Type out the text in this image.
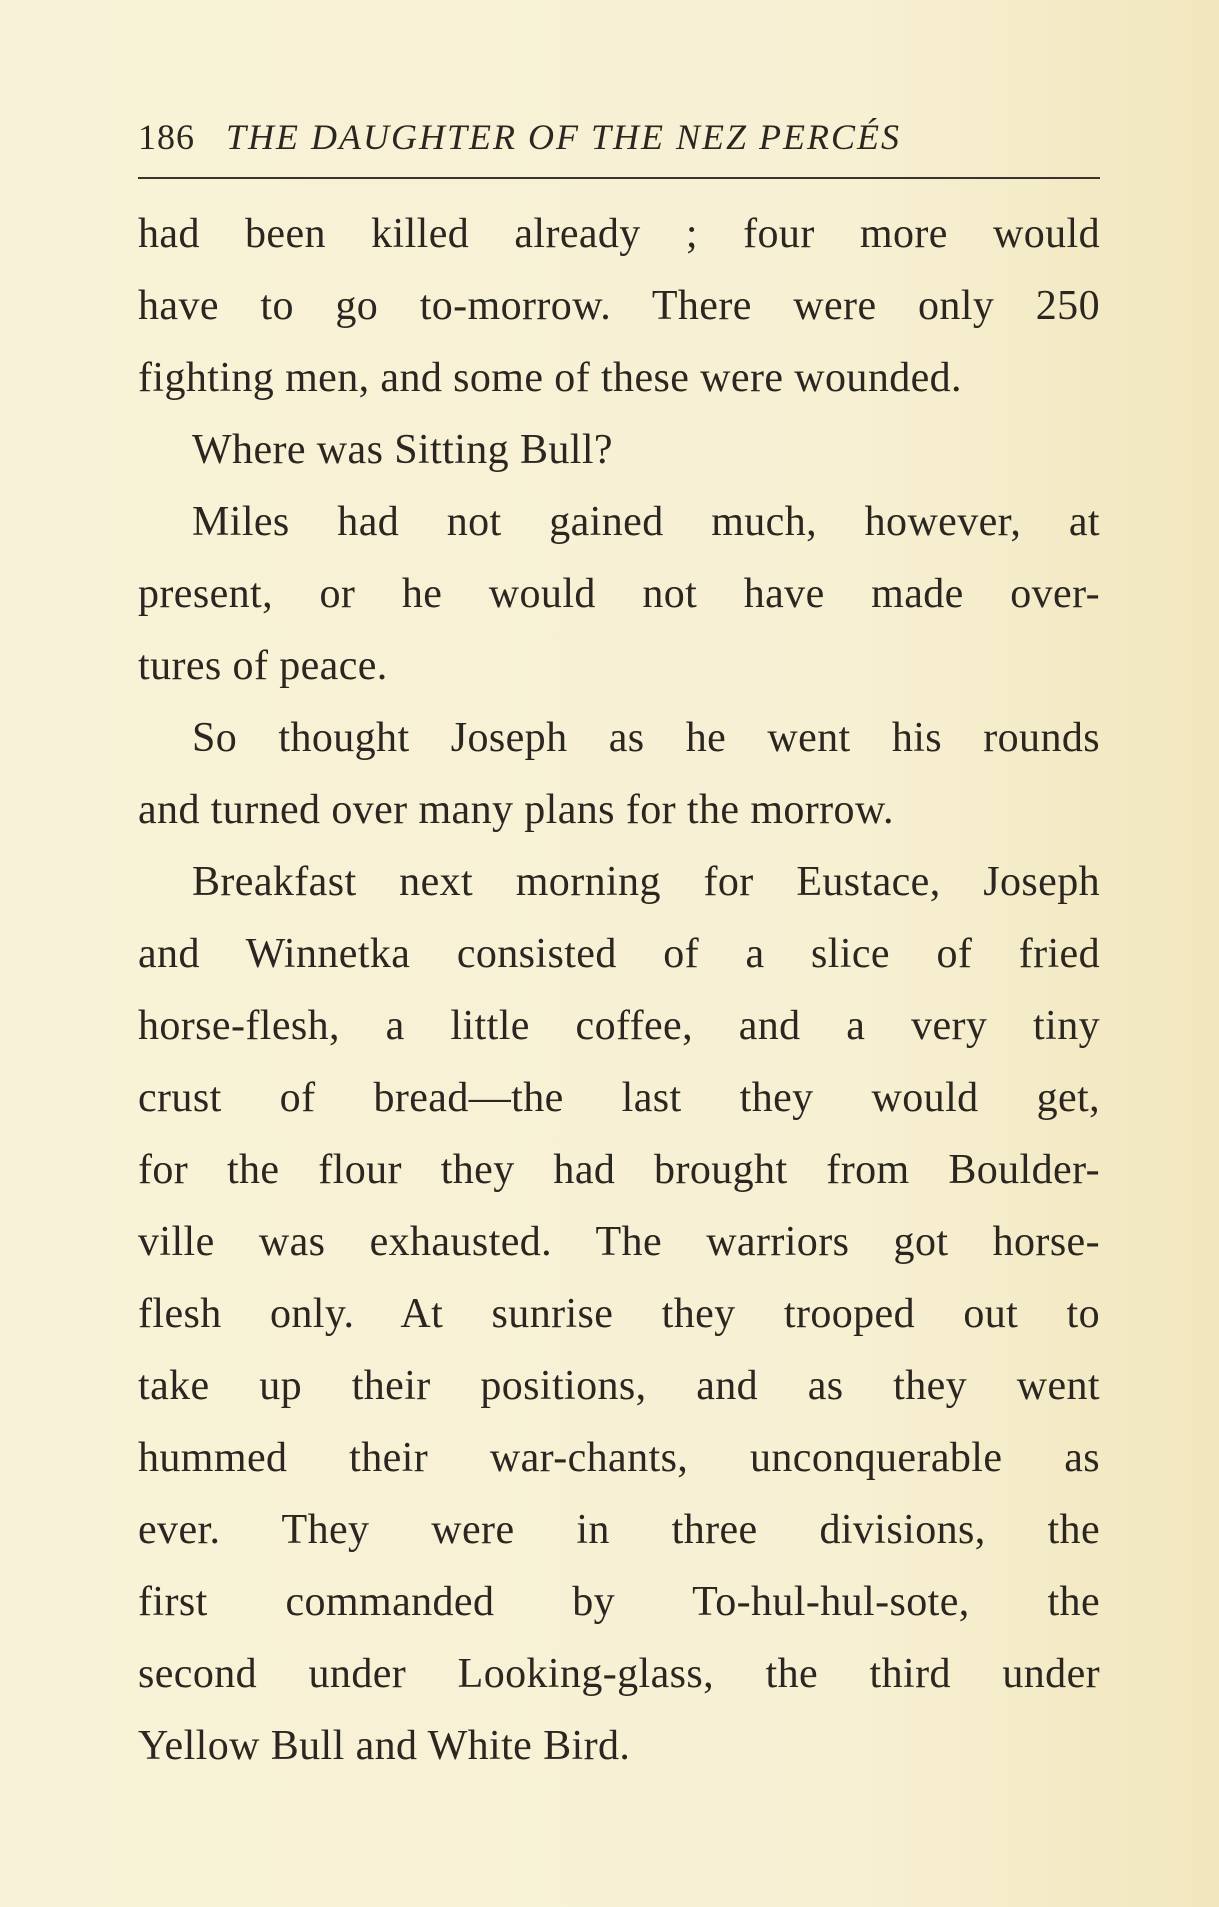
186 THE DAUGHTER OF THE NEZ PERCÉS
had been killed already ; four more would
have to go to-morrow. There were only 250
fighting men, and some of these were wounded.
Where was Sitting Bull?
Miles had not gained much, however, at
present, or he would not have made over-
tures of peace.
So thought Joseph as he went his rounds
and turned over many plans for the morrow.
Breakfast next morning for Eustace, Joseph
and Winnetka consisted of a slice of fried
horse-flesh, a little coffee, and a very tiny
crust of bread—the last they would get,
for the flour they had brought from Boulder-
ville was exhausted. The warriors got horse-
flesh only. At sunrise they trooped out to
take up their positions, and as they went
hummed their war-chants, unconquerable as
ever. They were in three divisions, the
first commanded by To-hul-hul-sote, the
second under Looking-glass, the third under
Yellow Bull and White Bird.
